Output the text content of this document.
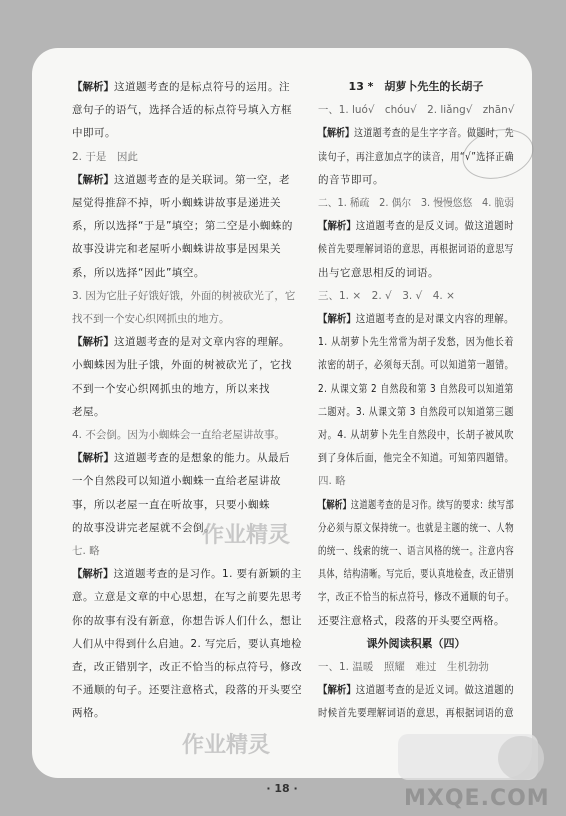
【解析】这道题考查的是标点符号的运用。注
意句子的语气，选择合适的标点符号填入方框
中即可。
2. 于是　因此
【解析】这道题考查的是关联词。第一空，老
屋觉得推辞不掉，听小蜘蛛讲故事是递进关
系，所以选择“于是”填空；第二空是小蜘蛛的
故事没讲完和老屋听小蜘蛛讲故事是因果关
系，所以选择“因此”填空。
3. 因为它肚子好饿好饿，外面的树被砍光了，它
找不到一个安心织网抓虫的地方。
【解析】这道题考查的是对文章内容的理解。
小蜘蛛因为肚子饿，外面的树被砍光了，它找
不到一个安心织网抓虫的地方，所以来找
老屋。
4. 不会倒。因为小蜘蛛会一直给老屋讲故事。
【解析】这道题考查的是想象的能力。从最后
一个自然段可以知道小蜘蛛一直给老屋讲故
事，所以老屋一直在听故事，只要小蜘蛛
的故事没讲完老屋就不会倒。
七. 略
【解析】这道题考查的是习作。1. 要有新颖的主
意。立意是文章的中心思想，在写之前要先思考
你的故事有没有新意，你想告诉人们什么，想让
人们从中得到什么启迪。2. 写完后，要认真地检
查，改正错别字，改正不恰当的标点符号，修改
不通顺的句子。还要注意格式，段落的开头要空
两格。
13 *　胡萝卜先生的长胡子
一、1. luó√　chóu√　2. liǎng√　zhān√
【解析】这道题考查的是生字字音。做题时，先
读句子，再注意加点字的读音，用“√”选择正确
的音节即可。
二、1. 稀疏　2. 偶尔　3. 慢慢悠悠　4. 脆弱
【解析】这道题考查的是反义词。做这道题时
候首先要理解词语的意思，再根据词语的意思写
出与它意思相反的词语。
三、1. ×　2. √　3. √　4. ×
【解析】这道题考查的是对课文内容的理解。
1. 从胡萝卜先生常常为胡子发愁，因为他长着
浓密的胡子，必须每天刮。可以知道第一题错。
2. 从课文第 2 自然段和第 3 自然段可以知道第
二题对。3. 从课文第 3 自然段可以知道第三题
对。4. 从胡萝卜先生自然段中，长胡子被风吹
到了身体后面，他完全不知道。可知第四题错。
四. 略
【解析】这道题考查的是习作。续写的要求：续写部
分必须与原文保持统一。也就是主题的统一、人物
的统一、线索的统一、语言风格的统一。注意内容
具体，结构清晰。写完后，要认真地检查，改正错别
字，改正不恰当的标点符号，修改不通顺的句子。
还要注意格式，段落的开头要空两格。
课外阅读积累（四）
一、1. 温暖　照耀　难过　生机勃勃
【解析】这道题考查的是近义词。做这道题的
时候首先要理解词语的意思，再根据词语的意
作业精灵
作业精灵
· 18 ·	MXQE.COM
